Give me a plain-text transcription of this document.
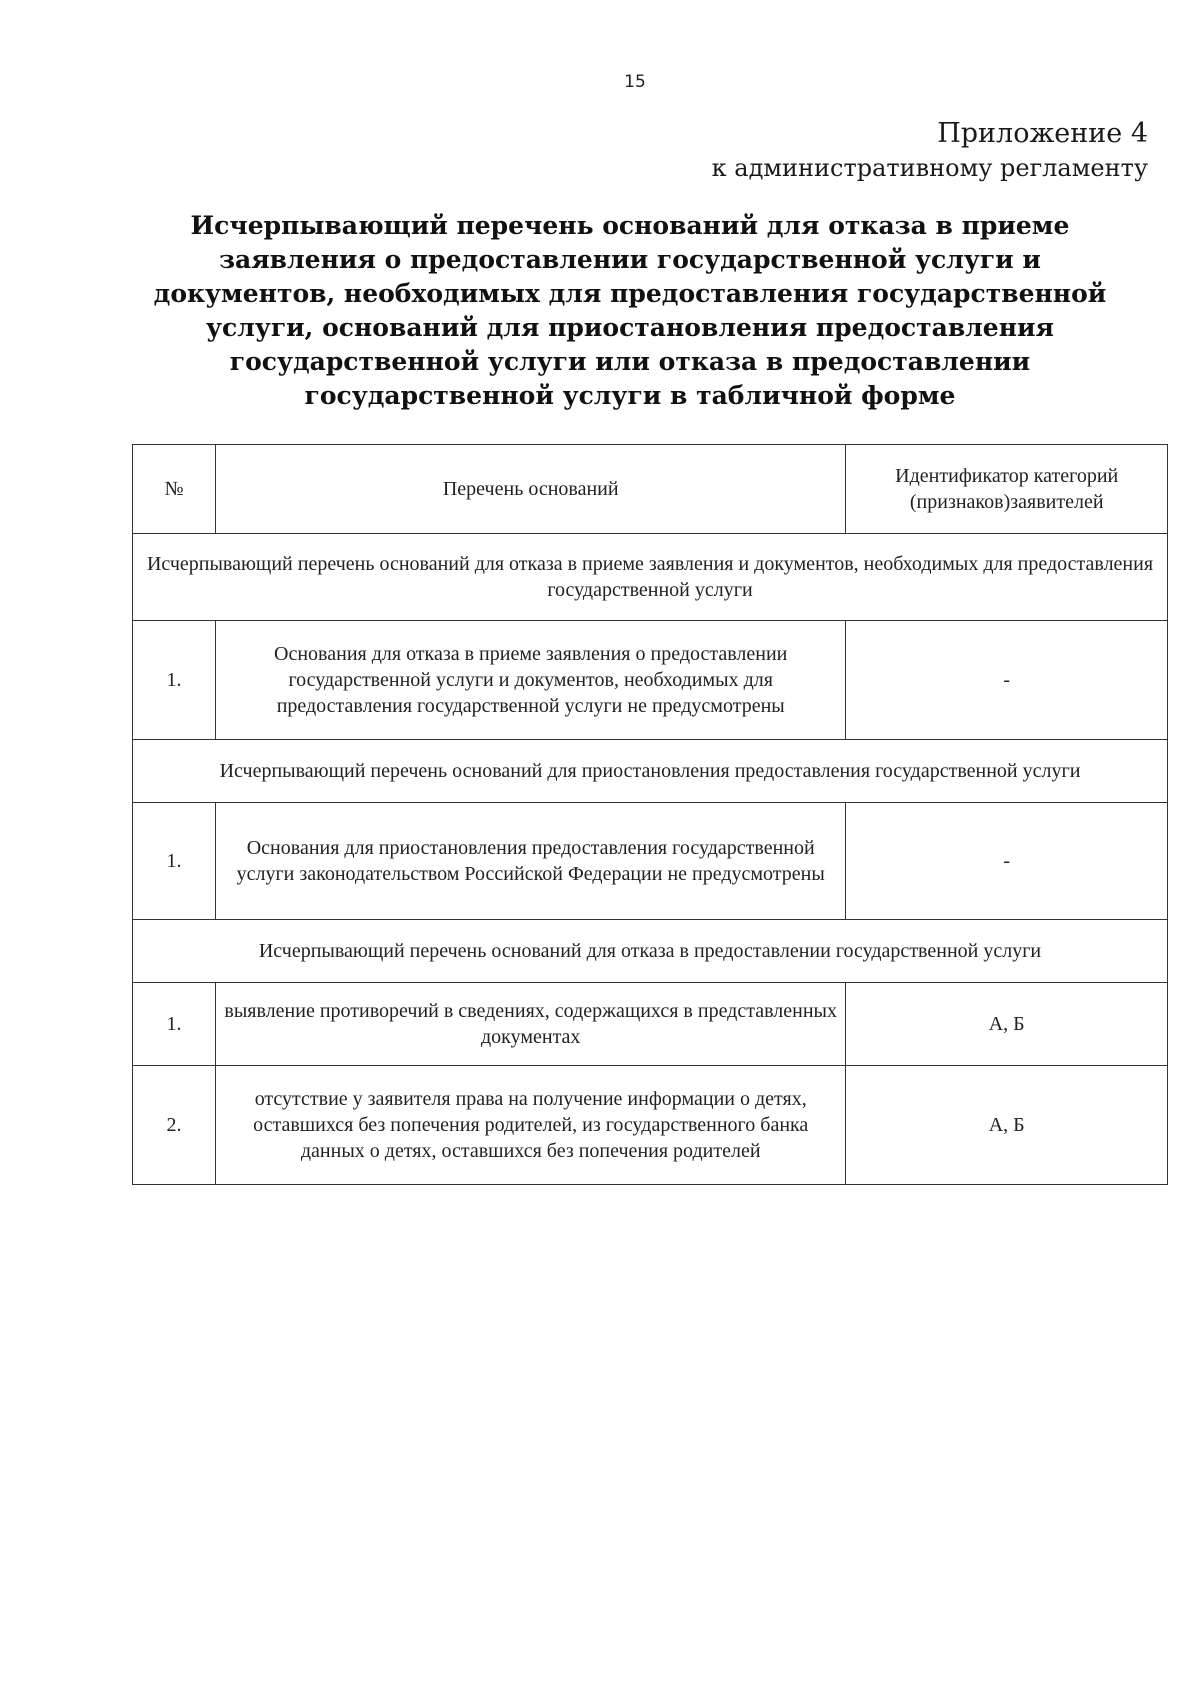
15
Приложение 4
к административному регламенту
Исчерпывающий перечень оснований для отказа в приеме заявления о предоставлении государственной услуги и документов, необходимых для предоставления государственной услуги, оснований для приостановления предоставления государственной услуги или отказа в предоставлении государственной услуги в табличной форме
№	Перечень оснований	Идентификатор категорий (признаков)заявителей
Исчерпывающий перечень оснований для отказа в приеме заявления и документов, необходимых для предоставления государственной услуги		
1.	Основания для отказа в приеме заявления о предоставлении государственной услуги и документов, необходимых для предоставления государственной услуги не предусмотрены	-
Исчерпывающий перечень оснований для приостановления предоставления государственной услуги		
1.	Основания для приостановления предоставления государственной услуги законодательством Российской Федерации не предусмотрены	-
Исчерпывающий перечень оснований для отказа в предоставлении государственной услуги		
1.	выявление противоречий в сведениях, содержащихся в представленных документах	А, Б
2.	отсутствие у заявителя права на получение информации о детях, оставшихся без попечения родителей, из государственного банка данных о детях, оставшихся без попечения родителей	А, Б
